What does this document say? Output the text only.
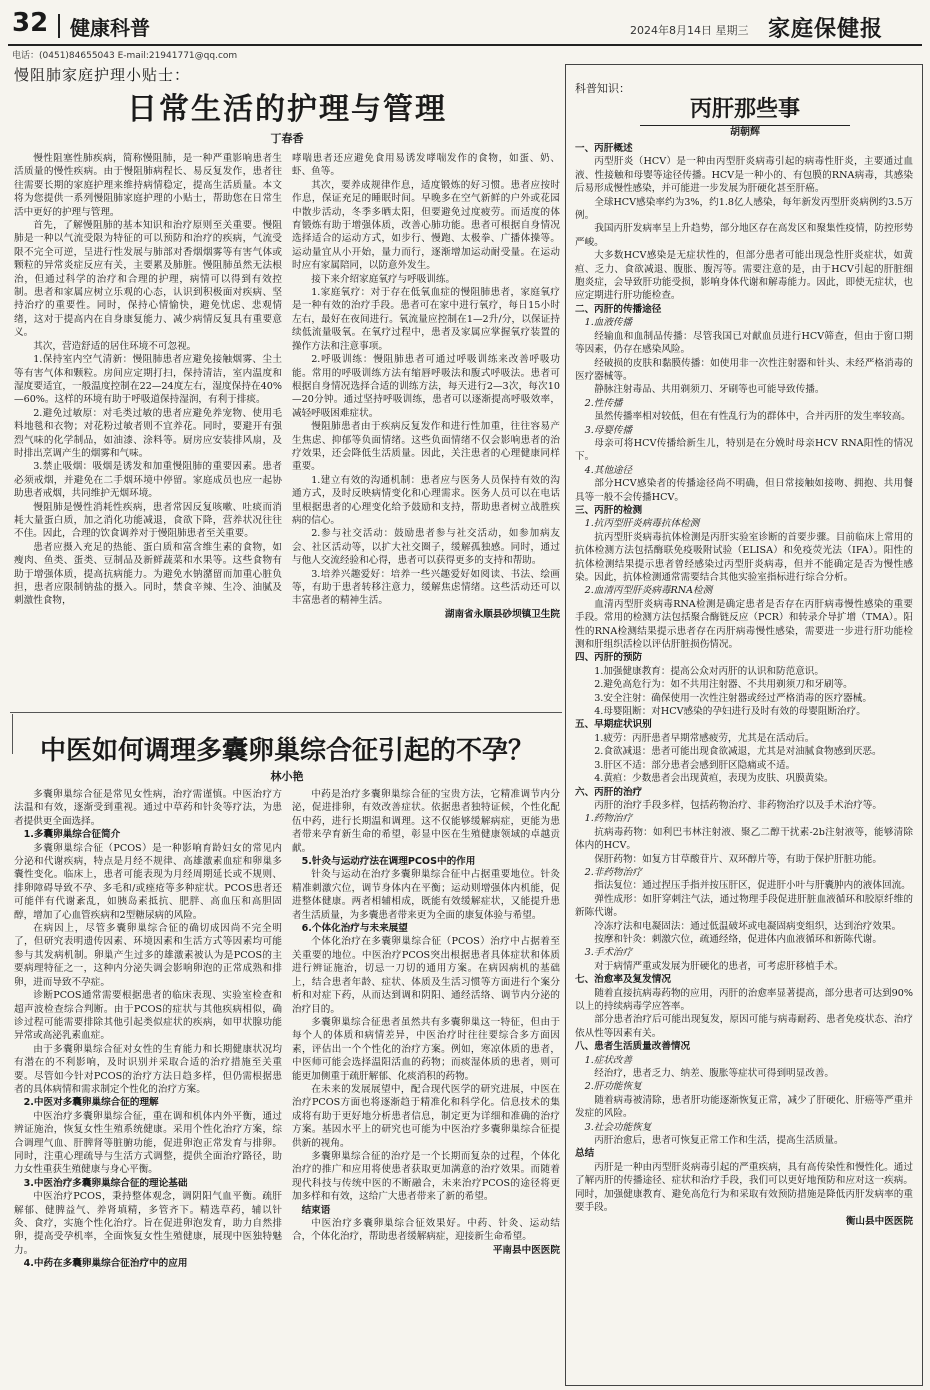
32 健康科普	2024年8月14日 星期三 家庭保健报
电话：(0451)84655043 E-mail:21941771@qq.com
慢阻肺家庭护理小贴士：
日常生活的护理与管理
丁春香

慢性阻塞性肺疾病，简称慢阻肺，是一种严重影响患者生活质量的慢性疾病。由于慢阻肺病程长、易反复发作，患者往往需要长期的家庭护理来维持病情稳定，提高生活质量。本文将为您提供一系列慢阻肺家庭护理的小贴士，帮助您在日常生活中更好的护理与管理。

首先，了解慢阻肺的基本知识和治疗原则至关重要。慢阻肺是一种以气流受限为特征的可以预防和治疗的疾病，气流受限不完全可逆，呈进行性发展与肺部对香烟烟雾等有害气体或颗粒的异常炎症反应有关，主要累及肺脏。慢阻肺虽然无法根治，但通过科学的治疗和合理的护理，病情可以得到有效控制。患者和家属应树立乐观的心态，认识到积极面对疾病、坚持治疗的重要性。同时，保持心情愉快，避免忧虑、悲观情绪，这对于提高内在自身康复能力、减少病情反复具有重要意义。

其次，营造舒适的居住环境不可忽视。

1.保持室内空气清新：慢阻肺患者应避免接触烟雾、尘土等有害气体和颗粒。房间应定期打扫，保持清洁，室内温度和湿度要适宜，一般温度控制在22—24度左右，湿度保持在40%—60%。这样的环境有助于呼吸道保持湿润，有利于排痰。

2.避免过敏原：对毛类过敏的患者应避免养宠物、使用毛料地毯和衣物；对花粉过敏者则不宜养花。同时，要避开有强烈气味的化学制品，如油漆、涂料等。厨房应安装排风扇，及时排出烹调产生的烟雾和气味。

3.禁止吸烟：吸烟是诱发和加重慢阻肺的重要因素。患者必须戒烟，并避免在二手烟环境中停留。家庭成员也应一起协助患者戒烟，共同维护无烟环境。

慢阻肺是慢性消耗性疾病，患者常因反复咳嗽、吐痰而消耗大量蛋白质，加之消化功能减退，食欲下降，营养状况往往不佳。因此，合理的饮食调养对于慢阻肺患者至关重要。

患者应摄入充足的热能、蛋白质和富含维生素的食物，如瘦肉、鱼类、蛋类、豆制品及新鲜蔬菜和水果等。这些食物有助于增强体质，提高抗病能力。为避免水钠潴留而加重心脏负担，患者应限制钠盐的摄入。同时，禁食辛辣、生冷、油腻及刺激性食物，

哮喘患者还应避免食用易诱发哮喘发作的食物，如蛋、奶、虾、鱼等。

其次，要养成规律作息，适度锻炼的好习惯。患者应按时作息，保证充足的睡眠时间。早晚多在空气新鲜的户外或花园中散步活动，冬季多晒太阳，但要避免过度疲劳。而适度的体育锻炼有助于增强体质，改善心肺功能。患者可根据自身情况选择适合的运动方式，如步行、慢跑、太极拳、广播体操等。运动量宜从小开始，量力而行，逐渐增加运动耐受量。在运动时应有家属陪同，以防意外发生。

接下来介绍家庭氧疗与呼吸训练。

1.家庭氧疗：对于存在低氧血症的慢阻肺患者，家庭氧疗是一种有效的治疗手段。患者可在家中进行氧疗，每日15小时左右，最好在夜间进行。氧流量应控制在1—2升/分，以保证持续低流量吸氧。在氧疗过程中，患者及家属应掌握氧疗装置的操作方法和注意事项。

2.呼吸训练：慢阻肺患者可通过呼吸训练来改善呼吸功能。常用的呼吸训练方法有缩唇呼吸法和腹式呼吸法。患者可根据自身情况选择合适的训练方法，每天进行2—3次，每次10—20分钟。通过坚持呼吸训练，患者可以逐渐提高呼吸效率，减轻呼吸困难症状。

慢阻肺患者由于疾病反复发作和进行性加重，往往容易产生焦虑、抑郁等负面情绪。这些负面情绪不仅会影响患者的治疗效果，还会降低生活质量。因此，关注患者的心理健康同样重要。

1.建立有效的沟通机制：患者应与医务人员保持有效的沟通方式，及时反映病情变化和心理需求。医务人员可以在电话里根据患者的心理变化给予鼓励和支持，帮助患者树立战胜疾病的信心。

2.参与社交活动：鼓励患者参与社交活动，如参加病友会、社区活动等，以扩大社交圈子，缓解孤独感。同时，通过与他人交流经验和心得，患者可以获得更多的支持和帮助。

3.培养兴趣爱好：培养一些兴趣爱好如阅读、书法、绘画等，有助于患者转移注意力，缓解焦虑情绪。这些活动还可以丰富患者的精神生活。

湖南省永顺县砂坝镇卫生院

中医如何调理多囊卵巢综合征引起的不孕？
林小艳

多囊卵巢综合征是常见女性病，治疗需谨慎。中医治疗方法温和有效，逐渐受到重视。通过中草药和针灸等疗法，为患者提供更全面选择。

1.多囊卵巢综合征简介

多囊卵巢综合征（PCOS）是一种影响育龄妇女的常见内分泌和代谢疾病，特点是月经不规律、高雄激素血症和卵巢多囊性变化。临床上，患者可能表现为月经周期延长或不规则、排卵障碍导致不孕、多毛和/或痤疮等多种症状。PCOS患者还可能伴有代谢紊乱，如胰岛素抵抗、肥胖、高血压和高胆固醇，增加了心血管疾病和2型糖尿病的风险。

在病因上，尽管多囊卵巢综合征的确切成因尚不完全明了，但研究表明遗传因素、环境因素和生活方式等因素均可能参与其发病机制。卵巢产生过多的雄激素被认为是PCOS的主要病理特征之一，这种内分泌失调会影响卵泡的正常成熟和排卵，进而导致不孕症。

诊断PCOS通常需要根据患者的临床表现、实验室检查和超声波检查综合判断。由于PCOS的症状与其他疾病相似，确诊过程可能需要排除其他引起类似症状的疾病，如甲状腺功能异常或高泌乳素血症。

由于多囊卵巢综合征对女性的生育能力和长期健康状况均有潜在的不利影响，及时识别并采取合适的治疗措施至关重要。尽管如今针对PCOS的治疗方法日趋多样，但仍需根据患者的具体病情和需求制定个性化的治疗方案。

2.中医对多囊卵巢综合征的理解

中医治疗多囊卵巢综合征，重在调和机体内外平衡，通过辨证施治，恢复女性生殖系统健康。采用个性化治疗方案，综合调理气血、肝脾肾等脏腑功能，促进卵泡正常发育与排卵。同时，注重心理疏导与生活方式调整，提供全面治疗路径，助力女性重获生殖健康与身心平衡。

3.中医治疗多囊卵巢综合征的理论基础

中医治疗PCOS，秉持整体观念，调阴阳气血平衡。疏肝解郁、健脾益气、养肾填精，多管齐下。精选草药，辅以针灸、食疗，实施个性化治疗。旨在促进卵泡发育，助力自然排卵，提高受孕机率，全面恢复女性生殖健康，展现中医独特魅力。

4.中药在多囊卵巢综合征治疗中的应用

中药是治疗多囊卵巢综合征的宝贵方法，它精准调节内分泌，促进排卵，有效改善症状。依据患者独特证候，个性化配伍中药，进行长期温和调理。这不仅能够缓解病症，更能为患者带来孕育新生命的希望，彰显中医在生殖健康领域的卓越贡献。

5.针灸与运动疗法在调理PCOS中的作用

针灸与运动在治疗多囊卵巢综合征中占据重要地位。针灸精准刺激穴位，调节身体内在平衡；运动则增强体内机能，促进整体健康。两者相辅相成，既能有效缓解症状，又能提升患者生活质量，为多囊患者带来更为全面的康复体验与希望。

6.个体化治疗与未来展望

个体化治疗在多囊卵巢综合征（PCOS）治疗中占据着至关重要的地位。中医治疗PCOS突出根据患者具体症状和体质进行辨证施治，切忌一刀切的通用方案。在病因病机的基础上，结合患者年龄、症状、体质及生活习惯等方面进行个案分析和对症下药，从而达到调和阴阳、通经活络、调节内分泌的治疗目的。

多囊卵巢综合征患者虽然共有多囊卵巢这一特征，但由于每个人的体质和病情差异，中医治疗时往往要综合多方面因素，评估出一个个性化的治疗方案。例如，寒凉体质的患者，中医师可能会选择温阳活血的药物；而痰湿体质的患者，则可能更加侧重于疏肝解郁、化痰消积的药物。

在未来的发展展望中，配合现代医学的研究进展，中医在治疗PCOS方面也将逐渐趋于精准化和科学化。信息技术的集成将有助于更好地分析患者信息，制定更为详细和准确的治疗方案。基因水平上的研究也可能为中医治疗多囊卵巢综合征提供新的视角。

多囊卵巢综合征的治疗是一个长期而复杂的过程，个体化治疗的推广和应用将使患者获取更加满意的治疗效果。而随着现代科技与传统中医的不断融合，未来治疗PCOS的途径将更加多样和有效，这给广大患者带来了新的希望。

结束语

中医治疗多囊卵巢综合征效果好。中药、针灸、运动结合，个体化治疗，帮助患者缓解病症，迎接新生命希望。

平南县中医医院

科普知识：
丙肝那些事
胡朝辉

一、丙肝概述

丙型肝炎（HCV）是一种由丙型肝炎病毒引起的病毒性肝炎，主要通过血液、性接触和母婴等途径传播。HCV是一种小的、有包膜的RNA病毒，其感染后易形成慢性感染，并可能进一步发展为肝硬化甚至肝癌。

全球HCV感染率约为3%，约1.8亿人感染，每年新发丙型肝炎病例约3.5万例。

我国丙肝发病率呈上升趋势，部分地区存在高发区和聚集性疫情，防控形势严峻。

大多数HCV感染是无症状性的，但部分患者可能出现急性肝炎症状，如黄疸、乏力、食欲减退、腹胀、腹泻等。需要注意的是，由于HCV引起的肝脏细胞炎症，会导致肝功能受损，影响身体代谢和解毒能力。因此，即使无症状，也应定期进行肝功能检查。

二、丙肝的传播途径

1.血液传播

经输血和血制品传播：尽管我国已对献血员进行HCV筛查，但由于窗口期等因素，仍存在感染风险。

经破损的皮肤和黏膜传播：如使用非一次性注射器和针头、未经严格消毒的医疗器械等。

静脉注射毒品、共用剃须刀、牙刷等也可能导致传播。

2.性传播

虽然传播率相对较低，但在有性乱行为的群体中，合并丙肝的发生率较高。

3.母婴传播

母亲可将HCV传播给新生儿，特别是在分娩时母亲HCV RNA阳性的情况下。

4.其他途径

部分HCV感染者的传播途径尚不明确，但日常接触如接吻、拥抱、共用餐具等一般不会传播HCV。

三、丙肝的检测

1.抗丙型肝炎病毒抗体检测

抗丙型肝炎病毒抗体检测是丙肝实验室诊断的首要步骤。目前临床上常用的抗体检测方法包括酶联免疫吸附试验（ELISA）和免疫荧光法（IFA）。阳性的抗体检测结果提示患者曾经感染过丙型肝炎病毒，但并不能确定是否为慢性感染。因此，抗体检测通常需要结合其他实验室指标进行综合分析。

2.血清丙型肝炎病毒RNA检测

血清丙型肝炎病毒RNA检测是确定患者是否存在丙肝病毒慢性感染的重要手段。常用的检测方法包括聚合酶链反应（PCR）和转录介导扩增（TMA）。阳性的RNA检测结果提示患者存在丙肝病毒慢性感染，需要进一步进行肝功能检测和肝组织活检以评估肝脏损伤情况。

四、丙肝的预防

1.加强健康教育：提高公众对丙肝的认识和防范意识。

2.避免高危行为：如不共用注射器、不共用剃须刀和牙刷等。

3.安全注射：确保使用一次性注射器或经过严格消毒的医疗器械。

4.母婴阻断：对HCV感染的孕妇进行及时有效的母婴阻断治疗。

五、早期症状识别

1.疲劳：丙肝患者早期常感疲劳，尤其是在活动后。

2.食欲减退：患者可能出现食欲减退，尤其是对油腻食物感到厌恶。

3.肝区不适：部分患者会感到肝区隐痛或不适。

4.黄疸：少数患者会出现黄疸，表现为皮肤、巩膜黄染。

六、丙肝的治疗

丙肝的治疗手段多样，包括药物治疗、非药物治疗以及手术治疗等。

1.药物治疗

抗病毒药物：如利巴韦林注射液、聚乙二醇干扰素-2b注射液等，能够清除体内的HCV。

保肝药物：如复方甘草酸苷片、双环醇片等，有助于保护肝脏功能。

2.非药物治疗

指法复位：通过捏压手指并按压肝区，促进肝小叶与肝囊肿内的液体回流。

弹性成形：如肝穿刺注气法，通过物理手段促进肝脏血液循环和胶原纤维的新陈代谢。

冷冻疗法和电凝固法：通过低温破坏或电凝固病变组织，达到治疗效果。

按摩和针灸：刺激穴位，疏通经络，促进体内血液循环和新陈代谢。

3.手术治疗

对于病情严重或发展为肝硬化的患者，可考虑肝移植手术。

七、治愈率及复发情况

随着直接抗病毒药物的应用，丙肝的治愈率显著提高，部分患者可达到90%以上的持续病毒学应答率。

部分患者治疗后可能出现复发，原因可能与病毒耐药、患者免疫状态、治疗依从性等因素有关。

八、患者生活质量改善情况

1.症状改善

经治疗，患者乏力、纳差、腹胀等症状可得到明显改善。

2.肝功能恢复

随着病毒被清除，患者肝功能逐渐恢复正常，减少了肝硬化、肝癌等严重并发症的风险。

3.社会功能恢复

丙肝治愈后，患者可恢复正常工作和生活，提高生活质量。

总结

丙肝是一种由丙型肝炎病毒引起的严重疾病，具有高传染性和慢性化。通过了解丙肝的传播途径、症状和治疗手段，我们可以更好地预防和应对这一疾病。同时，加强健康教育、避免高危行为和采取有效预防措施是降低丙肝发病率的重要手段。

衡山县中医医院
